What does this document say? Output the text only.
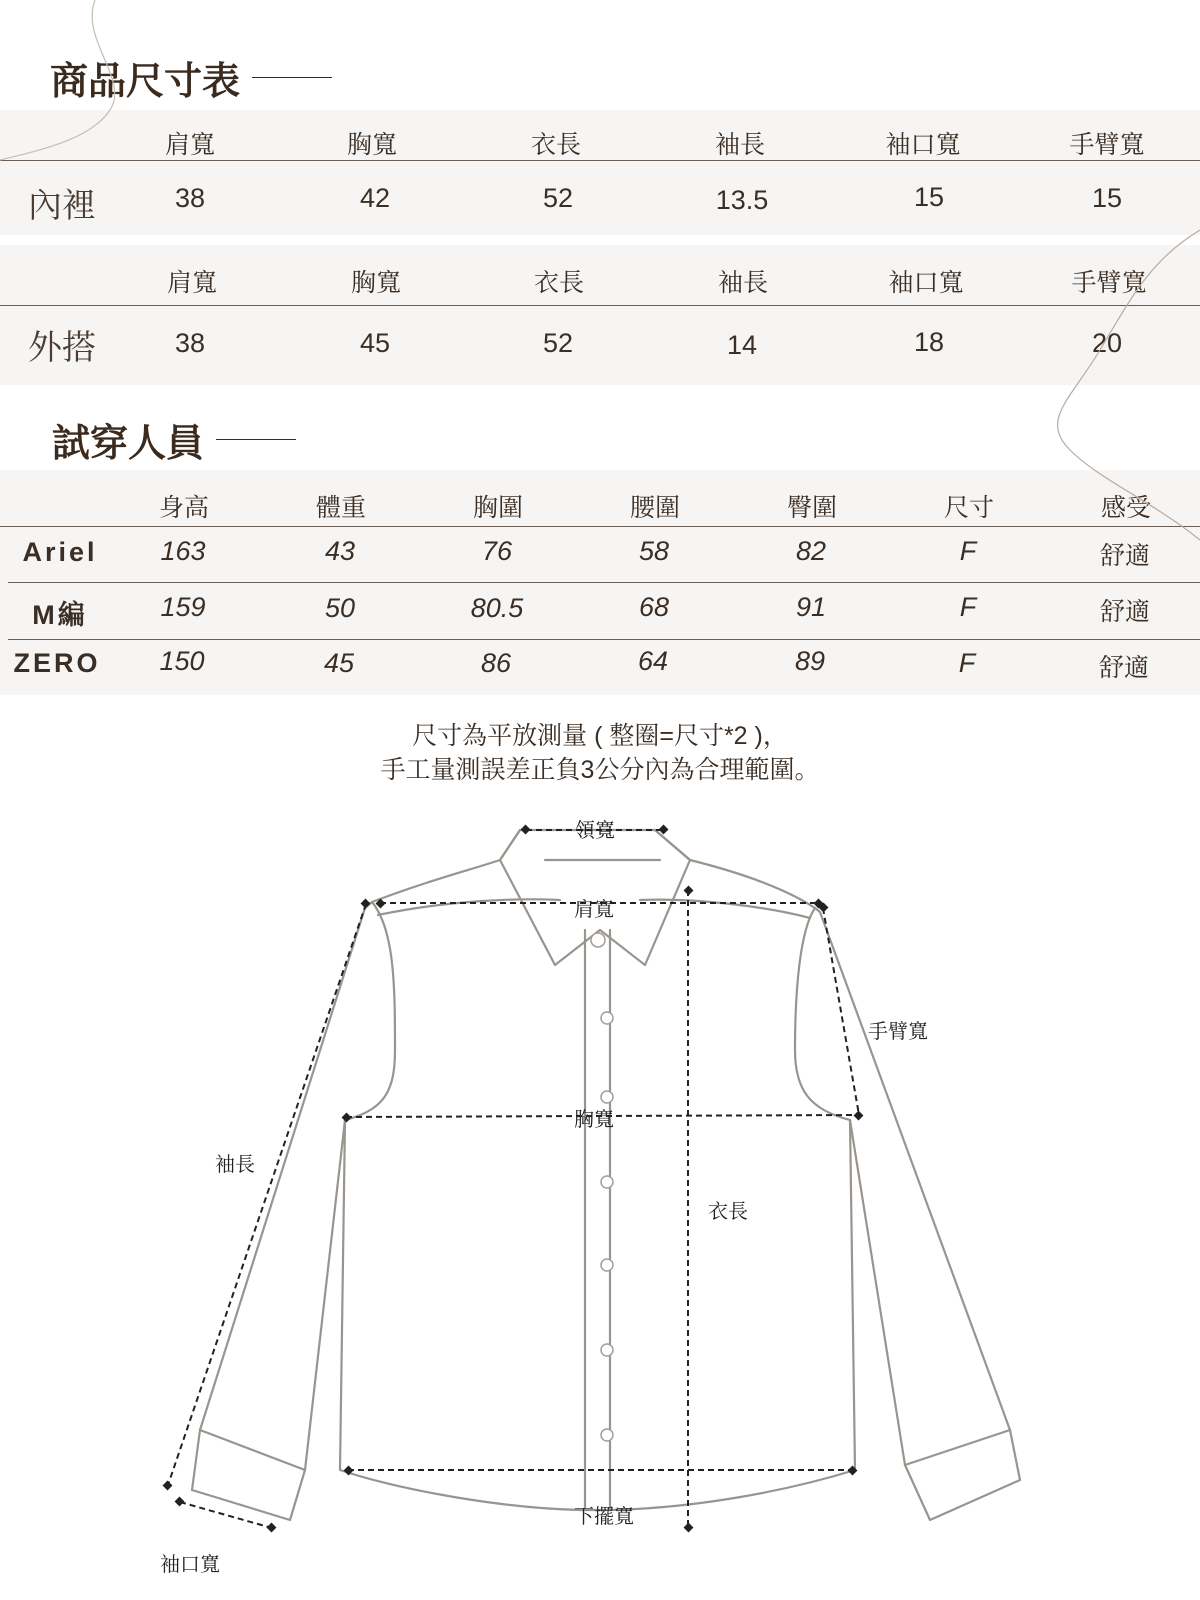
商品尺寸表
肩寬	胸寬	衣長	袖長	袖口寬	手臂寬
內裡	38	42	52	13.5	15	15
肩寬	胸寬	衣長	袖長	袖口寬	手臂寬
外搭	38	45	52	14	18	20
試穿人員
身高	體重	胸圍	腰圍	臀圍	尺寸	感受
Ariel	163	43	76	58	82	F	舒適
M編	159	50	80.5	68	91	F	舒適
ZERO	150	45	86	64	89	F	舒適
尺寸為平放測量 ( 整圈=尺寸*2 )，
手工量測誤差正負3公分內為合理範圍。
領寬
肩寬
手臂寬
胸寬
袖長
衣長
下擺寬
袖口寬
